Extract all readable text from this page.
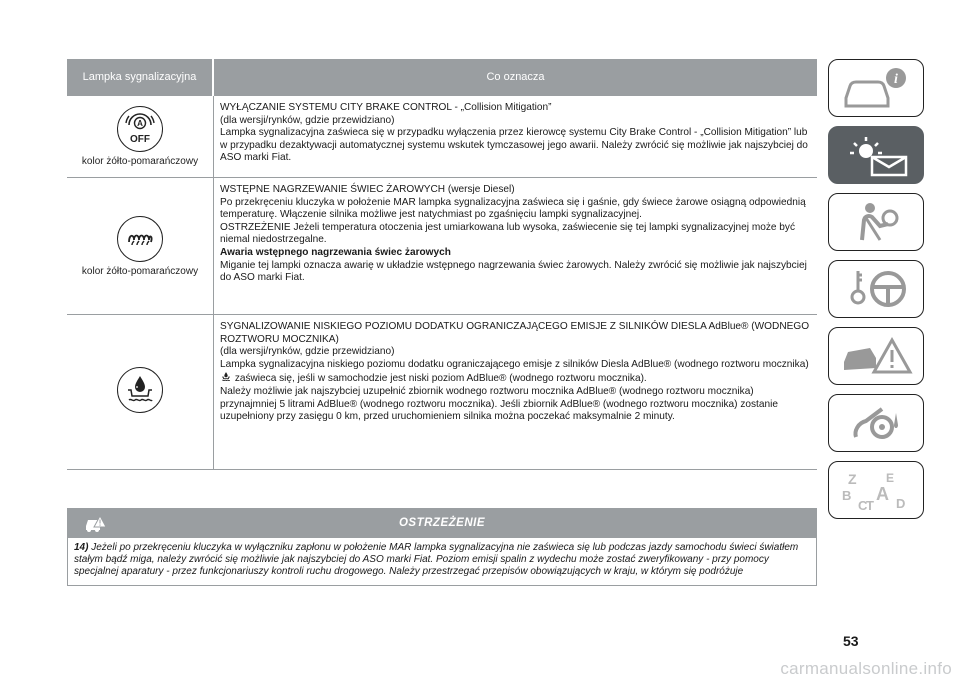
Lampka sygnalizacyjna	Co oznacza
A
OFF
kolor żółto-pomarańczowy

WYŁĄCZANIE SYSTEMU CITY BRAKE CONTROL - „Collision Mitigation”

(dla wersji/rynków, gdzie przewidziano)

Lampka sygnalizacyjna zaświeca się w przypadku wyłączenia przez kierowcę systemu City Brake Control - „Collision Mitigation” lub w przypadku dezaktywacji automatycznej systemu wskutek tymczasowej jego awarii. Należy zwrócić się możliwie jak najszybciej do ASO marki Fiat.

kolor żółto-pomarańczowy

WSTĘPNE NAGRZEWANIE ŚWIEC ŻAROWYCH (wersje Diesel)

Po przekręceniu kluczyka w położenie MAR lampka sygnalizacyjna zaświeca się i gaśnie, gdy świece żarowe osiągną odpowiednią temperaturę. Włączenie silnika możliwe jest natychmiast po zgaśnięciu lampki sygnalizacyjnej.

OSTRZEŻENIE Jeżeli temperatura otoczenia jest umiarkowana lub wysoka, zaświecenie się tej lampki sygnalizacyjnej może być niemal niedostrzegalne.

Awaria wstępnego nagrzewania świec żarowych

Miganie tej lampki oznacza awarię w układzie wstępnego nagrzewania świec żarowych. Należy zwrócić się możliwie jak najszybciej do ASO marki Fiat.

SYGNALIZOWANIE NISKIEGO POZIOMU DODATKU OGRANICZAJĄCEGO EMISJE Z SILNIKÓW DIESLA AdBlue® (WODNEGO ROZTWORU MOCZNIKA)

(dla wersji/rynków, gdzie przewidziano)

Lampka sygnalizacyjna niskiego poziomu dodatku ograniczającego emisje z silników Diesla AdBlue® (wodnego roztworu mocznika)  zaświeca się, jeśli w samochodzie jest niski poziom AdBlue® (wodnego roztworu mocznika).

Należy możliwie jak najszybciej uzupełnić zbiornik wodnego roztworu mocznika AdBlue® (wodnego roztworu mocznika) przynajmniej 5 litrami AdBlue® (wodnego roztworu mocznika). Jeśli zbiornik AdBlue® (wodnego roztworu mocznika) zostanie uzupełniony przy zasięgu 0 km, przed uruchomieniem silnika można poczekać maksymalnie 2 minuty.

OSTRZEŻENIE
14) Jeżeli po przekręceniu kluczyka w wyłączniku zapłonu w położenie MAR lampka sygnalizacyjna nie zaświeca się lub podczas jazdy samochodu świeci światłem stałym bądź miga, należy zwrócić się możliwie jak najszybciej do ASO marki Fiat. Poziom emisji spalin z wydechu może zostać zweryfikowany - przy pomocy specjalnej aparatury - przez funkcjonariuszy kontroli ruchu drogowego. Należy przestrzegać przepisów obowiązujących w kraju, w którym się podróżuje
i
Z E
B A
C
T D
53
carmanualsonline.info
